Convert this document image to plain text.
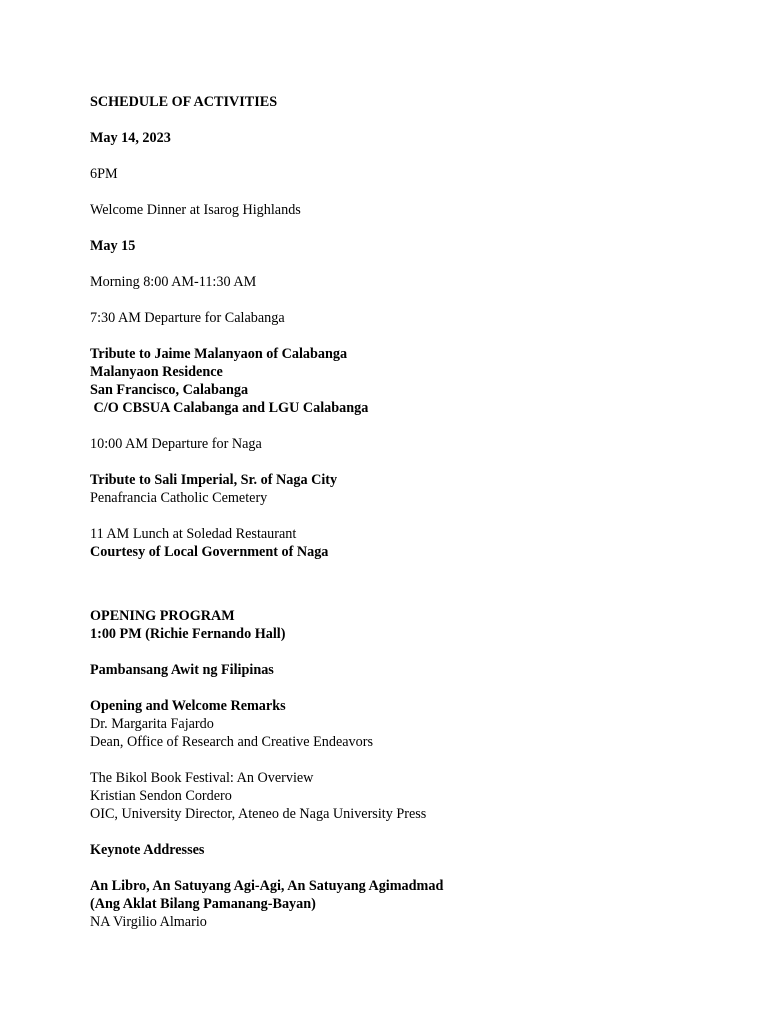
SCHEDULE OF ACTIVITIES

May 14, 2023

6PM

Welcome Dinner at Isarog Highlands

May 15

Morning 8:00 AM-11:30 AM

7:30 AM Departure for Calabanga

Tribute to Jaime Malanyaon of Calabanga

Malanyaon Residence

San Francisco, Calabanga

C/O CBSUA Calabanga and LGU Calabanga

10:00 AM Departure for Naga

Tribute to Sali Imperial, Sr. of Naga City

Penafrancia Catholic Cemetery

11 AM Lunch at Soledad Restaurant

Courtesy of Local Government of Naga

OPENING PROGRAM

1:00 PM (Richie Fernando Hall)

Pambansang Awit ng Filipinas

Opening and Welcome Remarks

Dr. Margarita Fajardo

Dean, Office of Research and Creative Endeavors

The Bikol Book Festival: An Overview

Kristian Sendon Cordero

OIC, University Director, Ateneo de Naga University Press

Keynote Addresses

An Libro, An Satuyang Agi-Agi, An Satuyang Agimadmad

(Ang Aklat Bilang Pamanang-Bayan)

NA Virgilio Almario
